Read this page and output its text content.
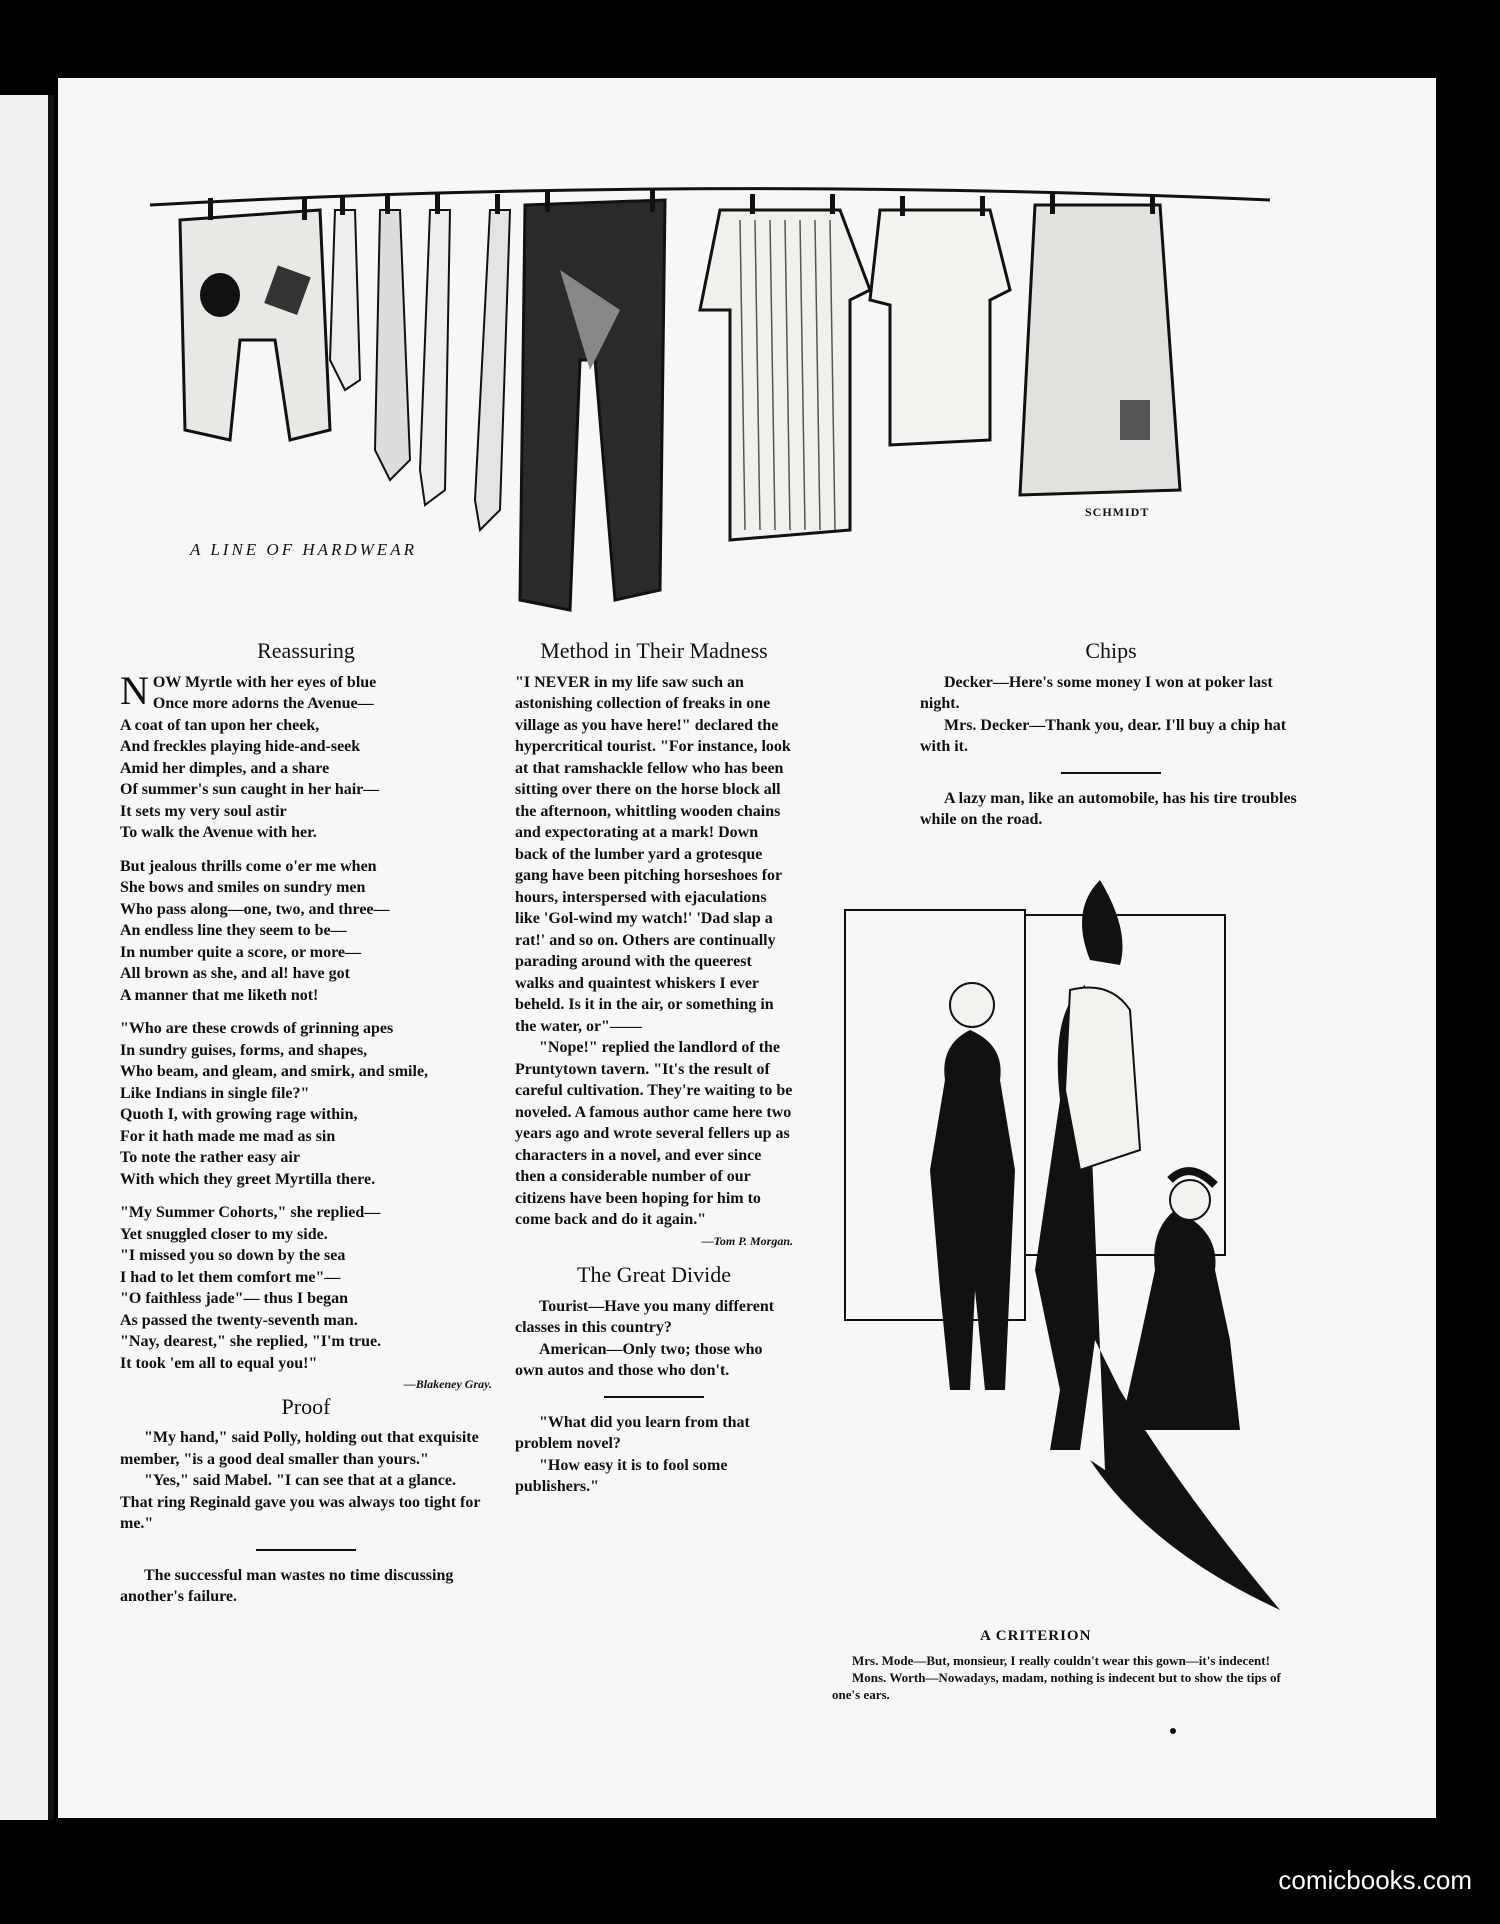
A LINE OF HARDWEAR
SCHMIDT
Reassuring
N OW Myrtle with her eyes of blue
Once more adorns the Avenue—
A coat of tan upon her cheek,
And freckles playing hide-and-seek
Amid her dimples, and a share
Of summer's sun caught in her hair—
It sets my very soul astir
To walk the Avenue with her.

But jealous thrills come o'er me when
She bows and smiles on sundry men
Who pass along—one, two, and three—
An endless line they seem to be—
In number quite a score, or more—
All brown as she, and al! have got
A manner that me liketh not!

"Who are these crowds of grinning apes
In sundry guises, forms, and shapes,
Who beam, and gleam, and smirk, and smile,
Like Indians in single file?"
Quoth I, with growing rage within,
For it hath made me mad as sin
To note the rather easy air
With which they greet Myrtilla there.

"My Summer Cohorts," she replied—
Yet snuggled closer to my side.
"I missed you so down by the sea
I had to let them comfort me"—
"O faithless jade"— thus I began
As passed the twenty-seventh man.
"Nay, dearest," she replied, "I'm true.
It took 'em all to equal you!"

—Blakeney Gray.
Proof

"My hand," said Polly, holding out that exquisite member, "is a good deal smaller than yours."

"Yes," said Mabel. "I can see that at a glance. That ring Reginald gave you was always too tight for me."

The successful man wastes no time discussing another's failure.

Method in Their Madness

"I NEVER in my life saw such an astonishing collection of freaks in one village as you have here!" declared the hypercritical tourist. "For instance, look at that ramshackle fellow who has been sitting over there on the horse block all the afternoon, whittling wooden chains and expectorating at a mark! Down back of the lumber yard a grotesque gang have been pitching horseshoes for hours, interspersed with ejaculations like 'Gol-wind my watch!' 'Dad slap a rat!' and so on. Others are continually parading around with the queerest walks and quaintest whiskers I ever beheld. Is it in the air, or something in the water, or"——

"Nope!" replied the landlord of the Pruntytown tavern. "It's the result of careful cultivation. They're waiting to be noveled. A famous author came here two years ago and wrote several fellers up as characters in a novel, and ever since then a considerable number of our citizens have been hoping for him to come back and do it again."

—Tom P. Morgan.
The Great Divide

Tourist—Have you many different classes in this country?

American—Only two; those who own autos and those who don't.

"What did you learn from that problem novel?

"How easy it is to fool some publishers."

Chips

Decker—Here's some money I won at poker last night.

Mrs. Decker—Thank you, dear. I'll buy a chip hat with it.

A lazy man, like an automobile, has his tire troubles while on the road.

A CRITERION
Mrs. Mode—But, monsieur, I really couldn't wear this gown—it's indecent!
Mons. Worth—Nowadays, madam, nothing is indecent but to show the tips of one's ears.
comicbooks.com
